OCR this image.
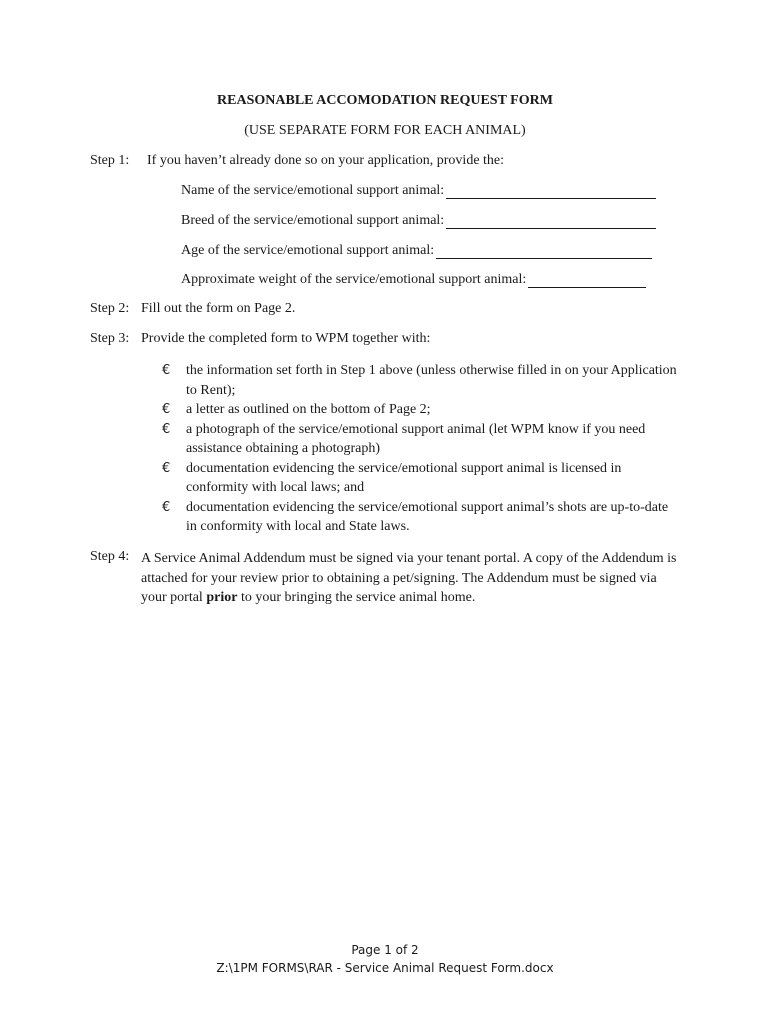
REASONABLE ACCOMODATION REQUEST FORM
(USE SEPARATE FORM FOR EACH ANIMAL)
Step 1: If you haven’t already done so on your application, provide the:
Name of the service/emotional support animal:
Breed of the service/emotional support animal:
Age of the service/emotional support animal:
Approximate weight of the service/emotional support animal:
Step 2: Fill out the form on Page 2.
Step 3: Provide the completed form to WPM together with:
€ the information set forth in Step 1 above (unless otherwise filled in on your Application to Rent);
€ a letter as outlined on the bottom of Page 2;
€ a photograph of the service/emotional support animal (let WPM know if you need assistance obtaining a photograph)
€ documentation evidencing the service/emotional support animal is licensed in conformity with local laws; and
€ documentation evidencing the service/emotional support animal’s shots are up-to-date in conformity with local and State laws.
Step 4: A Service Animal Addendum must be signed via your tenant portal. A copy of the Addendum is attached for your review prior to obtaining a pet/signing. The Addendum must be signed via your portal prior to your bringing the service animal home.
Page 1 of 2
Z:\1PM FORMS\RAR - Service Animal Request Form.docx
